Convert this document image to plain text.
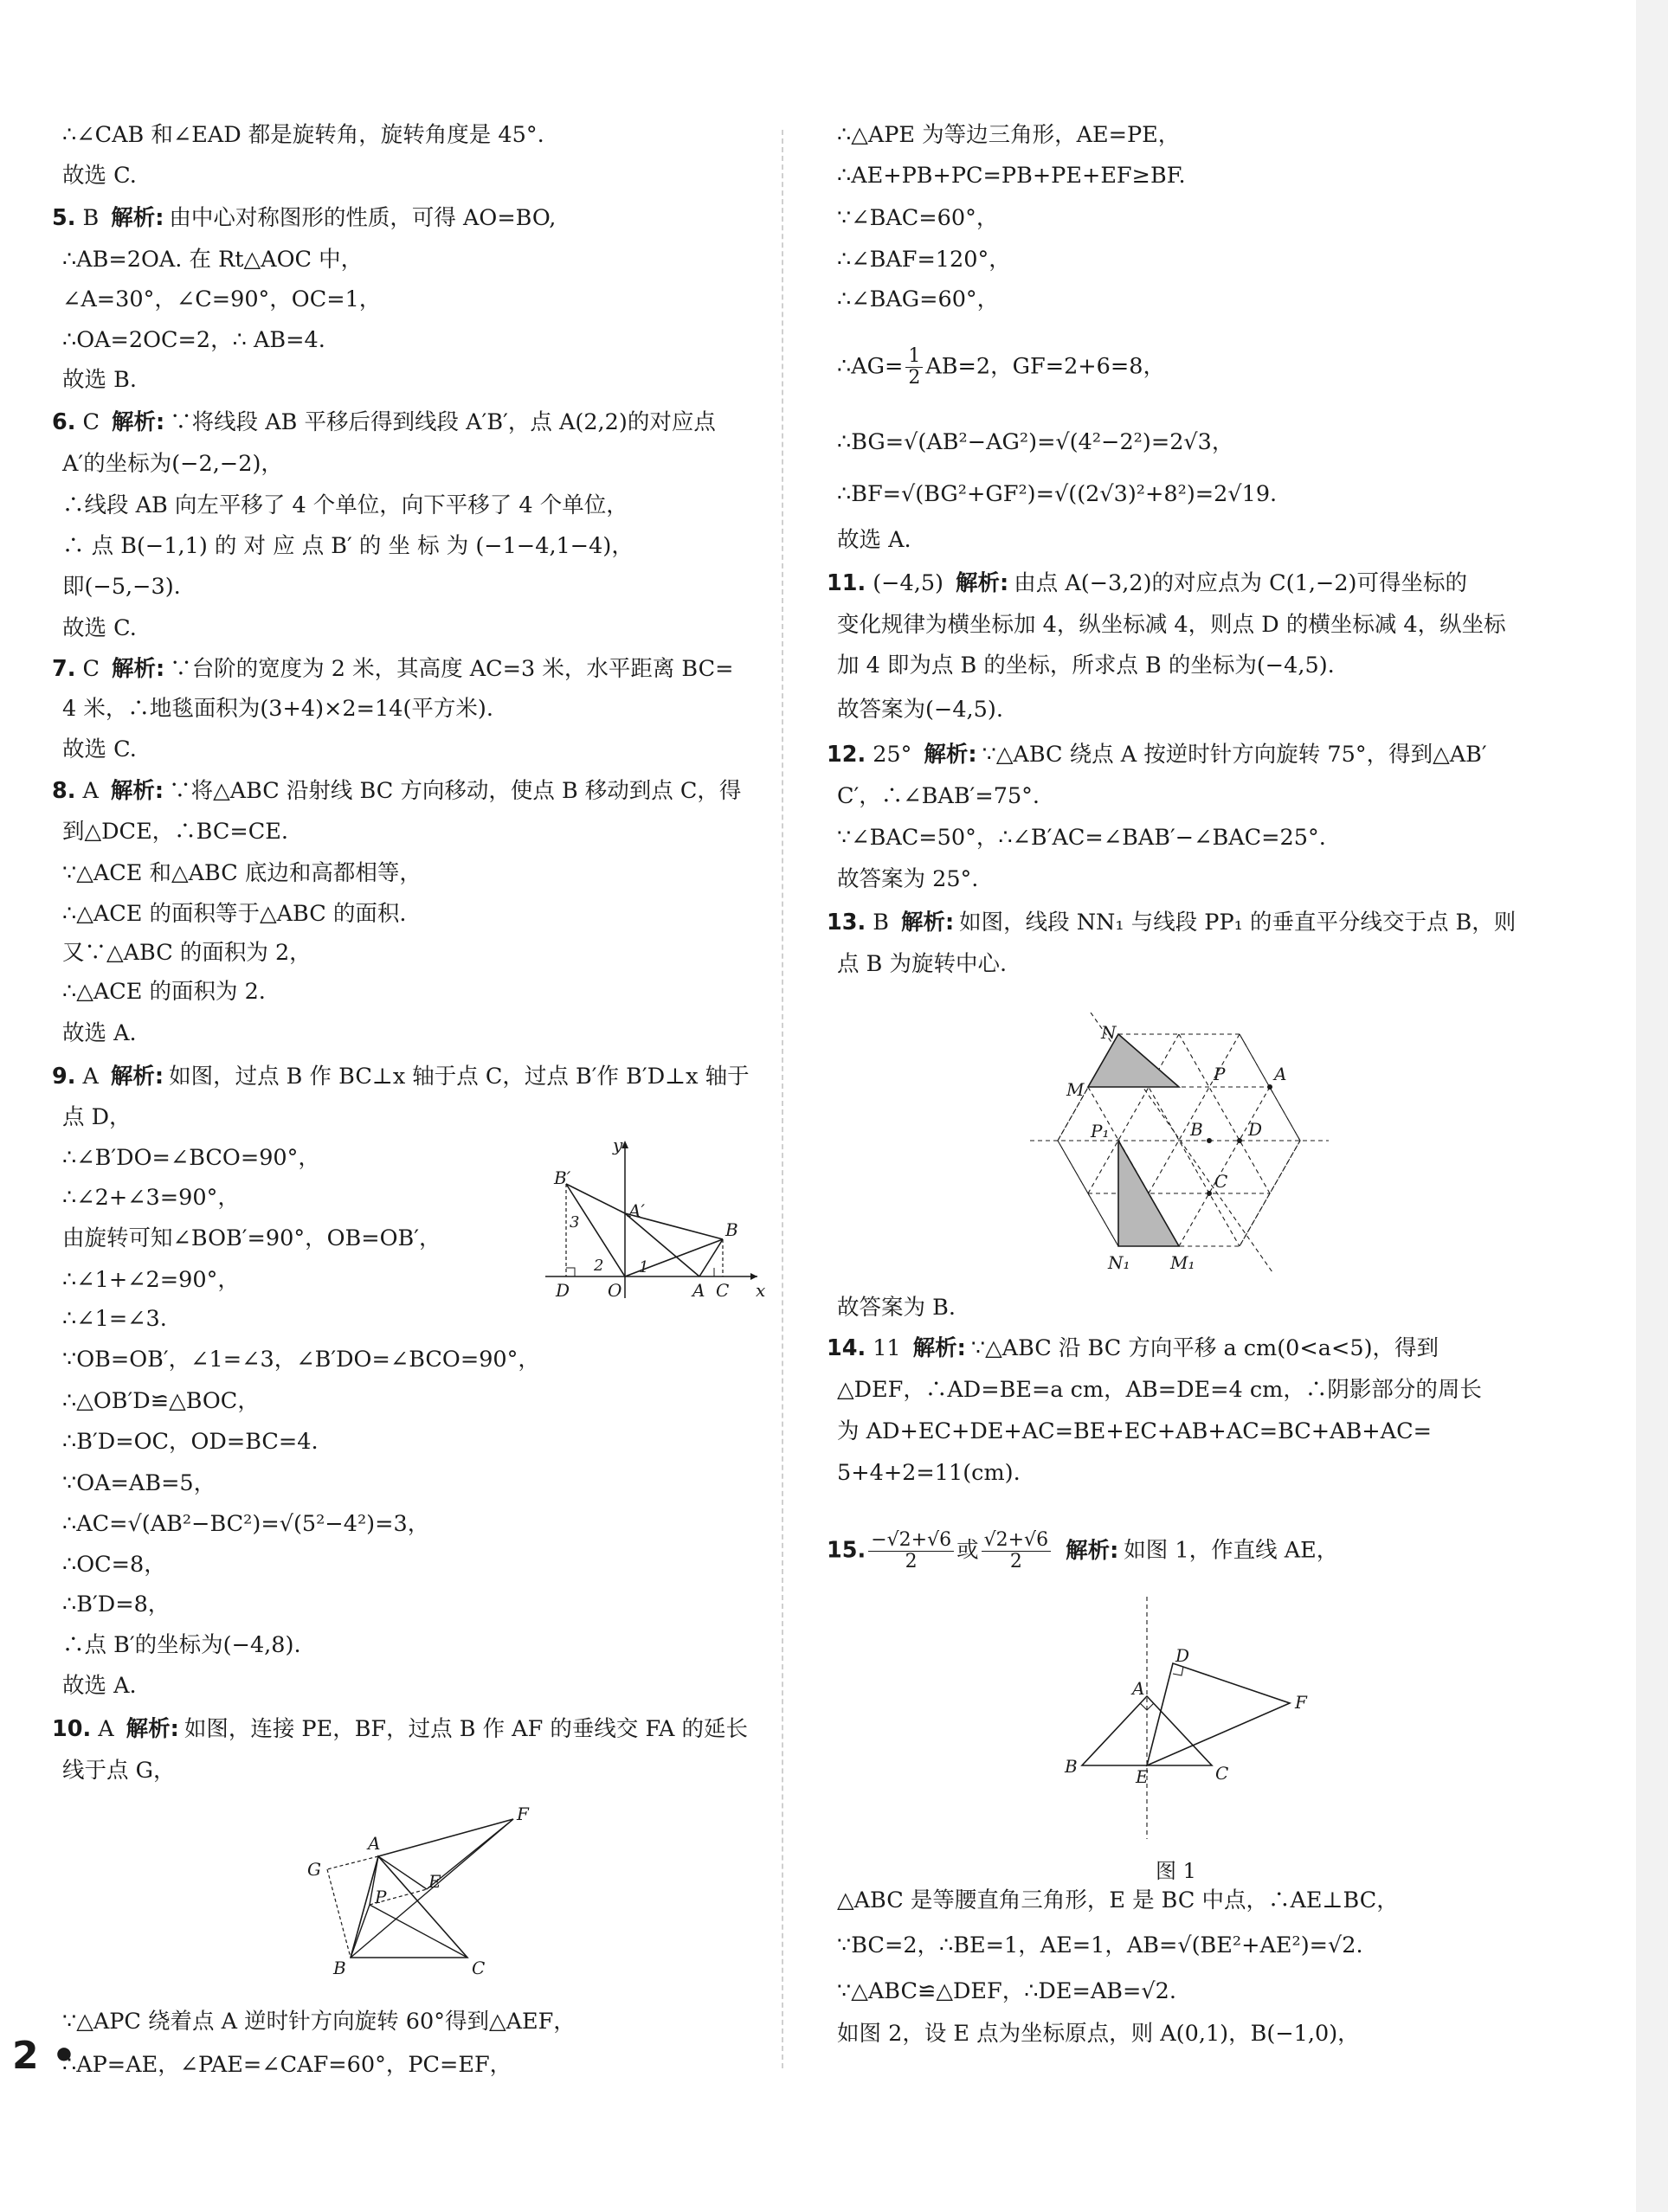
∴∠CAB 和∠EAD 都是旋转角，旋转角度是 45°.
故选 C.
5. B 解析: 由中心对称图形的性质，可得 AO=BO,
∴AB=2OA. 在 Rt△AOC 中，
∠A=30°，∠C=90°，OC=1，
∴OA=2OC=2，∴ AB=4.
故选 B.
6. C 解析: ∵将线段 AB 平移后得到线段 A′B′，点 A(2,2)的对应点
A′的坐标为(−2,−2)，
∴线段 AB 向左平移了 4 个单位，向下平移了 4 个单位，
∴ 点 B(−1,1) 的 对 应 点 B′ 的 坐 标 为 (−1−4,1−4)，
即(−5,−3).
故选 C.
7. C 解析: ∵台阶的宽度为 2 米，其高度 AC=3 米，水平距离 BC=
4 米，∴地毯面积为(3+4)×2=14(平方米).
故选 C.
8. A 解析: ∵将△ABC 沿射线 BC 方向移动，使点 B 移动到点 C，得
到△DCE，∴BC=CE.
∵△ACE 和△ABC 底边和高都相等，
∴△ACE 的面积等于△ABC 的面积.
又∵△ABC 的面积为 2，
∴△ACE 的面积为 2.
故选 A.
9. A 解析: 如图，过点 B 作 BC⊥x 轴于点 C，过点 B′作 B′D⊥x 轴于
点 D，
∴∠B′DO=∠BCO=90°，
∴∠2+∠3=90°，
由旋转可知∠BOB′=90°，OB=OB′，
∴∠1+∠2=90°，
∴∠1=∠3.
∵OB=OB′，∠1=∠3，∠B′DO=∠BCO=90°，
∴△OB′D≌△BOC，
∴B′D=OC，OD=BC=4.
∵OA=AB=5，
∴AC=√(AB²−BC²)=√(5²−4²)=3，
∴OC=8，
∴B′D=8，
∴点 B′的坐标为(−4,8).
故选 A.
10. A 解析: 如图，连接 PE，BF，过点 B 作 AF 的垂线交 FA 的延长
线于点 G，
∵△APC 绕着点 A 逆时针方向旋转 60°得到△AEF，
∴AP=AE，∠PAE=∠CAF=60°，PC=EF，
∴△APE 为等边三角形，AE=PE，
∴AE+PB+PC=PB+PE+EF≥BF.
∵∠BAC=60°，
∴∠BAF=120°，
∴∠BAG=60°，
∴AG= $\frac{1}{2} AB=2$，GF=2+6=8，
∴BG=√(AB²−AG²)=√(4²−2²)=2√3，
∴BF=√(BG²+GF²)=√((2√3)²+8²)=2√19.
故选 A.
11. (−4,5) 解析: 由点 A(−3,2)的对应点为 C(1,−2)可得坐标的
变化规律为横坐标加 4，纵坐标减 4，则点 D 的横坐标减 4，纵坐标
加 4 即为点 B 的坐标，所求点 B 的坐标为(−4,5).
故答案为(−4,5).
12. 25° 解析: ∵△ABC 绕点 A 按逆时针方向旋转 75°，得到△AB′
C′，∴∠BAB′=75°.
∵∠BAC=50°，∴∠B′AC=∠BAB′−∠BAC=25°.
故答案为 25°.
13. B 解析: 如图，线段 NN₁ 与线段 PP₁ 的垂直平分线交于点 B，则
点 B 为旋转中心.
故答案为 B.
14. 11 解析: ∵△ABC 沿 BC 方向平移 a cm(0<a<5)，得到
△DEF，∴AD=BE=a cm，AB=DE=4 cm，∴阴影部分的周长
为 AD+EC+DE+AC=BE+EC+AB+AC=BC+AB+AC=
5+4+2=11(cm).
15. $\frac{-√2+√6}{2}$ 或 $\frac{√2+√6}{2}$ 解析: 如图 1，作直线 AE，
△ABC 是等腰直角三角形，E 是 BC 中点，∴AE⊥BC，
∵BC=2，∴BE=1，AE=1，AB=√(BE²+AE²)=√2.
∵△ABC≌△DEF，∴DE=AB=√2.
如图 2，设 E 点为坐标原点，则 A(0,1)，B(−1,0)，
B′
y
3
A′
B
2 1
D O	A C x
F
A
G
E
P
B	C
N
M
P	A
P₁	B	D
C
N₁ M₁
D
A
F
B	E	C
图 1
2 •
